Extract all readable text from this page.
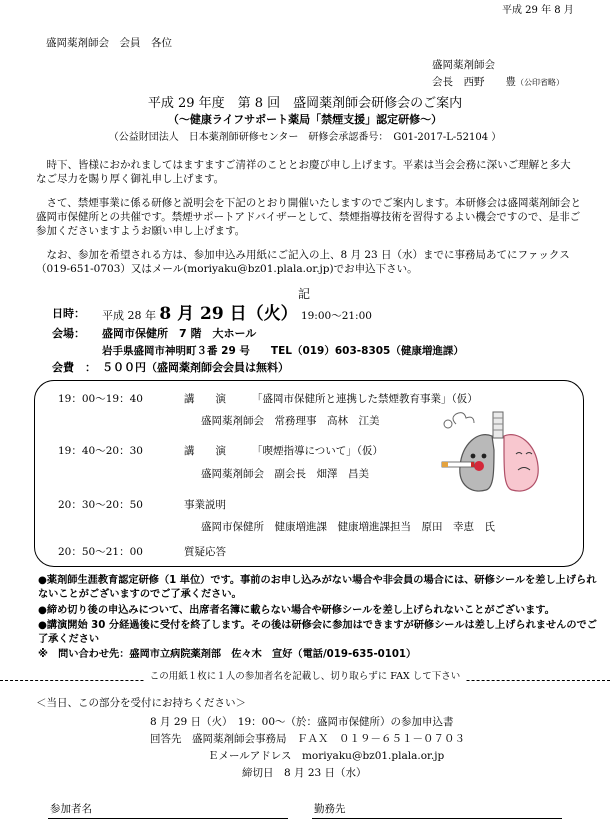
平成 29 年 8 月
盛岡薬剤師会　会員　各位
盛岡薬剤師会
会長　西野　　豊（公印省略）
平成 29 年度　第 8 回　盛岡薬剤師会研修会のご案内
（〜健康ライフサポート薬局「禁煙支援」認定研修〜）
（公益財団法人　日本薬剤師研修センター　研修会承認番号：　G01-2017-L-52104 ）
時下、皆様におかれましてはますますご清祥のこととお慶び申し上げます。平素は当会会務に深いご理解と多大なご尽力を賜り厚く御礼申し上げます。
さて、禁煙事業に係る研修と説明会を下記のとおり開催いたしますのでご案内します。本研修会は盛岡薬剤師会と盛岡市保健所との共催です。禁煙サポートアドバイザーとして、禁煙指導技術を習得するよい機会ですので、是非ご参加くださいますようお願い申し上げます。
なお、参加を希望される方は、参加申込み用紙にご記入の上、8 月 23 日（水）までに事務局あてにファックス（019-651-0703）又はメール(moriyaku@bz01.plala.or.jp)でお申込下さい。
記
日時： 平成 28 年 8 月 29 日（火） 19:00〜21:00
会場： 盛岡市保健所　7 階　大ホール
岩手県盛岡市神明町３番 29 号　　TEL（019）603-8305（健康増進課）
会費　： ５００円（盛岡薬剤師会会員は無料）
19：00〜19：40	講　　演 「盛岡市保健所と連携した禁煙教育事業」（仮）
盛岡薬剤師会　常務理事　高林　江美
19：40〜20：30	講　　演 「喫煙指導について」（仮）
盛岡薬剤師会　副会長　畑澤　昌美
20：30〜20：50	事業説明
盛岡市保健所　健康増進課　健康増進課担当　原田　幸恵　氏
20：50〜21：00	質疑応答
●薬剤師生涯教育認定研修（1 単位）です。事前のお申し込みがない場合や非会員の場合には、研修シールを差し上げられないことがございますのでご了承ください。
●締め切り後の申込みについて、出席者名簿に載らない場合や研修シールを差し上げられないことがございます。
●講演開始 30 分経過後に受付を終了します。その後は研修会に参加はできますが研修シールは差し上げられませんのでご了承ください
※　問い合わせ先：盛岡市立病院薬剤部　佐々木　宣好（電話/019-635-0101）
この用紙１枚に１人の参加者名を記載し、切り取らずに FAX して下さい
＜当日、この部分を受付にお持ちください＞
8 月 29 日（火）　19：00〜（於：盛岡市保健所）の参加申込書
回答先　盛岡薬剤師会事務局　ＦＡＸ　０１９－６５１－０７０３
Ｅメールアドレス　moriyaku@bz01.plala.or.jp
締切日　8 月 23 日（水）
参加者名	勤務先
